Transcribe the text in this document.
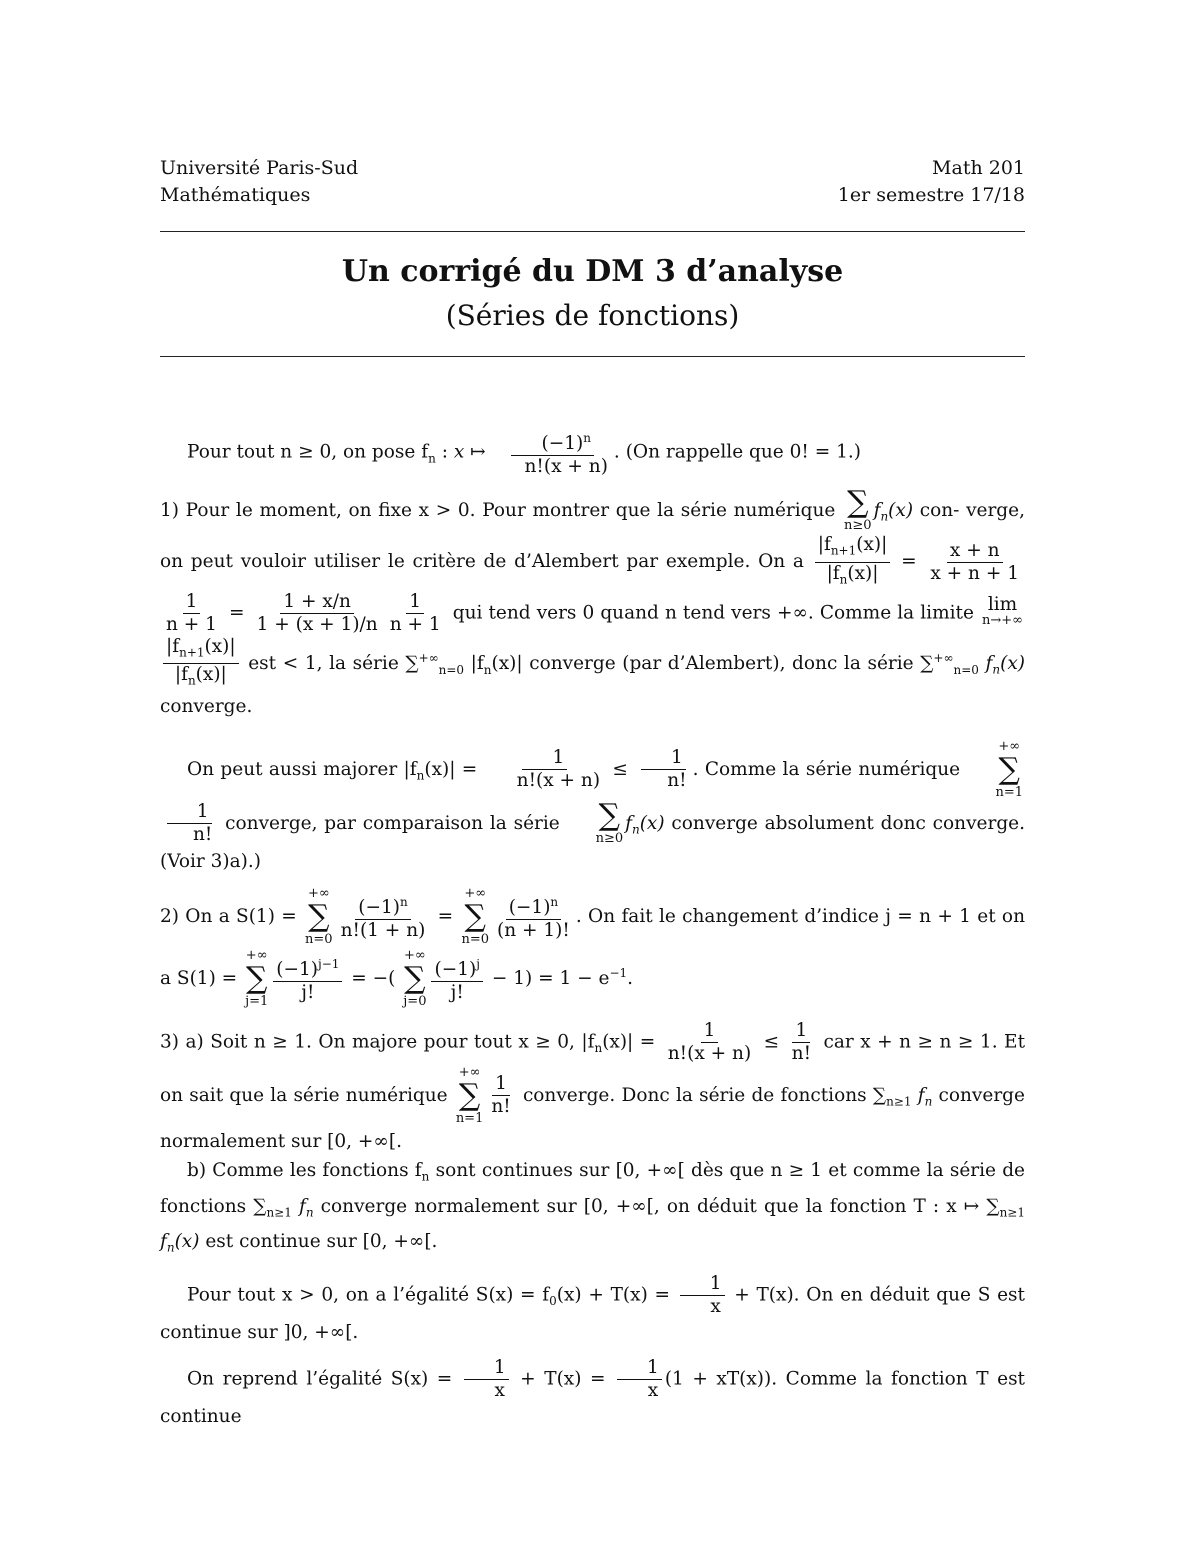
Université Paris-Sud
Mathématiques
Math 201
1er semestre 17/18
Un corrigé du DM 3 d’analyse
(Séries de fonctions)

Pour tout n ≥ 0, on pose $f_n$ : x ↦ $\frac{(-1)^n}{n!(x + n)}$ . (On rappelle que 0! = 1.)

1) Pour le moment, on fixe x > 0. Pour montrer que la série numérique ∑
n≥0
$f_n(x)$ con- verge, on peut vouloir utiliser le critère de d’Alembert par exemple. On a $\frac{|f_{n+1}(x)|}{|f_n(x)|} = \frac{x + n}{x + n + 1}$
$\frac{1}{n + 1} = \frac{1 + x/n}{1 + (x + 1)/n} \frac{1}{n + 1}$ qui tend vers 0 quand n tend vers +∞. Comme la limite lim
n→+∞

$\frac{|f_{n+1}(x)|}{|f_n(x)|}$ est < 1, la série $\sum^{+\infty}_{n=0}$ $|f_n(x)|$ converge (par d’Alembert), donc la série $\sum^{+\infty}_{n=0}$ $f_n(x)$ converge.

On peut aussi majorer $|f_n(x)| = \frac{1}{n!(x + n)} \le \frac{1}{n!}$ . Comme la série numérique
+∞
∑
n=1
$\frac{1}{n!}$ converge, par comparaison la série	∑
n≥0
$f_n(x)$ converge absolument donc converge. (Voir 3)a).)

2) On a S(1) =
+∞
∑
$n=0 \frac{(-1)^n}{n!(1 + n)}$ =
+∞
∑
$n=0 \frac{(-1)^n}{(n + 1)!}$ . On fait le changement d’indice j = n + 1 et on a S(1) =
+∞
∑
$j=1 \frac{(-1)^{j-1}}{j!}$ = −(
+∞
∑
$j=0 \frac{(-1)^j}{j!} - 1) = 1 - e^{-1}$.

3) a) Soit n ≥ 1. On majore pour tout x ≥ 0, $|f_n(x)| = \frac{1}{n!(x + n)} \le \frac{1}{n!}$ car x + n ≥ n ≥ 1. Et on sait que la série numérique
+∞
∑
$n=1 \frac{1}{n!}$ converge. Donc la série de fonctions $\sum_{n\ge 1}$ $f_n$ converge normalement sur [0, +∞[.

b) Comme les fonctions $f_n$ sont continues sur [0, +∞[ dès que n ≥ 1 et comme la série de fonctions $\sum_{n\ge 1}$ $f_n$ converge normalement sur [0, +∞[, on déduit que la fonction T : x ↦ $\sum_{n\ge 1}$ $f_n(x)$ est continue sur [0, +∞[.

Pour tout x > 0, on a l’égalité $S(x) = f_0(x) + T(x) = \frac{1}{x} + T(x)$. On en déduit que S est continue sur ]0, +∞[.

On reprend l’égalité $S(x) = \frac{1}{x} + T(x) = \frac{1}{x} (1 + xT(x))$. Comme la fonction T est continue
